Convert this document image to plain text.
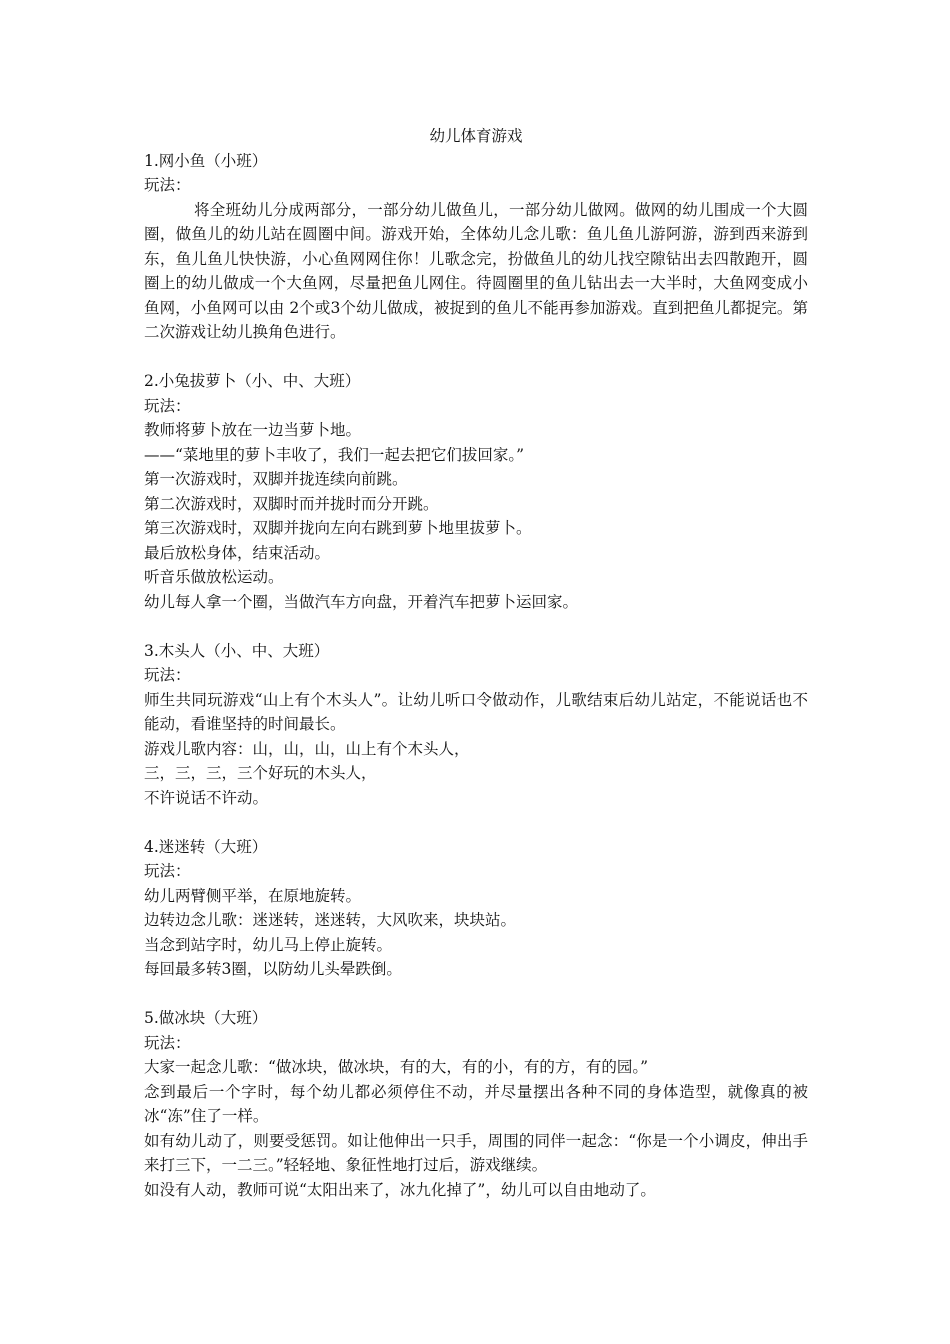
幼儿体育游戏

1.网小鱼（小班）

玩法：

将全班幼儿分成两部分，一部分幼儿做鱼儿，一部分幼儿做网。做网的幼儿围成一个大圆圈，做鱼儿的幼儿站在圆圈中间。游戏开始，全体幼儿念儿歌：鱼儿鱼儿游阿游，游到西来游到东，鱼儿鱼儿快快游，小心鱼网网住你！儿歌念完，扮做鱼儿的幼儿找空隙钻出去四散跑开，圆圈上的幼儿做成一个大鱼网，尽量把鱼儿网住。待圆圈里的鱼儿钻出去一大半时，大鱼网变成小鱼网，小鱼网可以由 2个或3个幼儿做成，被捉到的鱼儿不能再参加游戏。直到把鱼儿都捉完。第二次游戏让幼儿换角色进行。

2.小兔拔萝卜（小、中、大班）

玩法：

教师将萝卜放在一边当萝卜地。

——“菜地里的萝卜丰收了，我们一起去把它们拔回家。”

第一次游戏时，双脚并拢连续向前跳。

第二次游戏时，双脚时而并拢时而分开跳。

第三次游戏时，双脚并拢向左向右跳到萝卜地里拔萝卜。

最后放松身体，结束活动。

听音乐做放松运动。

幼儿每人拿一个圈，当做汽车方向盘，开着汽车把萝卜运回家。

3.木头人（小、中、大班）

玩法：

师生共同玩游戏“山上有个木头人”。让幼儿听口令做动作，儿歌结束后幼儿站定，不能说话也不能动，看谁坚持的时间最长。

游戏儿歌内容：山，山，山，山上有个木头人，

三，三，三，三个好玩的木头人，

不许说话不许动。

4.迷迷转（大班）

玩法：

幼儿两臂侧平举，在原地旋转。

边转边念儿歌：迷迷转，迷迷转，大风吹来，块块站。

当念到站字时，幼儿马上停止旋转。

每回最多转3圈，以防幼儿头晕跌倒。

5.做冰块（大班）

玩法：

大家一起念儿歌：“做冰块，做冰块，有的大，有的小，有的方，有的园。”

念到最后一个字时，每个幼儿都必须停住不动，并尽量摆出各种不同的身体造型，就像真的被冰“冻”住了一样。

如有幼儿动了，则要受惩罚。如让他伸出一只手，周围的同伴一起念：“你是一个小调皮，伸出手来打三下，一二三。”轻轻地、象征性地打过后，游戏继续。

如没有人动，教师可说“太阳出来了，冰九化掉了”，幼儿可以自由地动了。
